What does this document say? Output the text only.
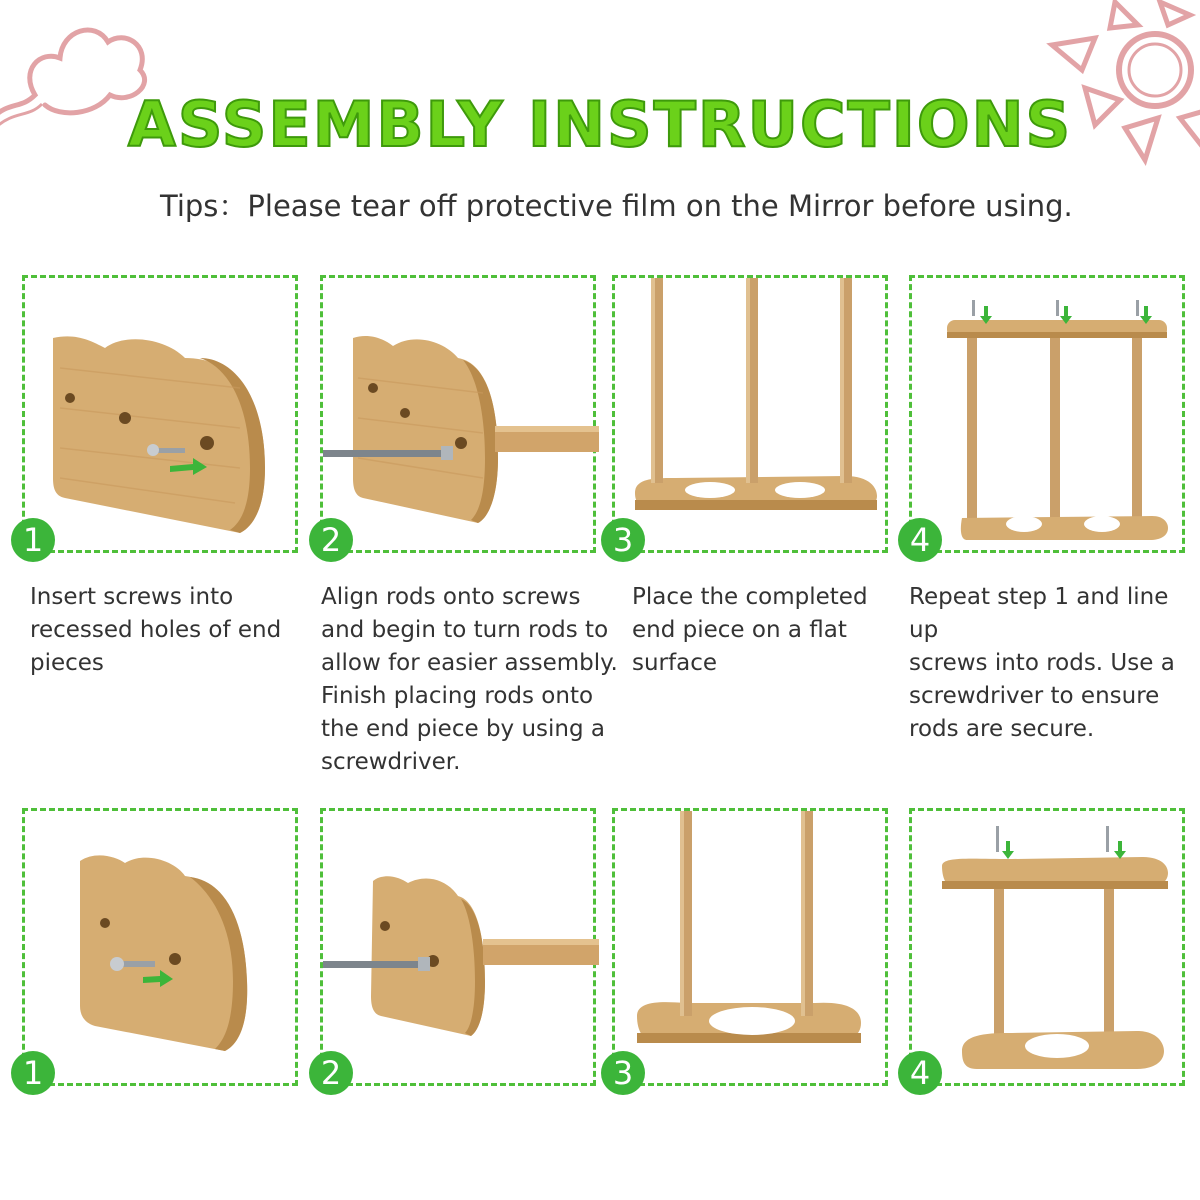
ASSEMBLY INSTRUCTIONS
Tips：Please tear off protective film on the Mirror before using.
1	2	3	4
Insert screws into
recessed holes of end
pieces
Align rods onto screws
and begin to turn rods to
allow for easier assembly.
Finish placing rods onto
the end piece by using a
screwdriver.
Place the completed
end piece on a flat
surface
Repeat step 1 and line up
screws into rods. Use a
screwdriver to ensure
rods are secure.
1	2	3	4
